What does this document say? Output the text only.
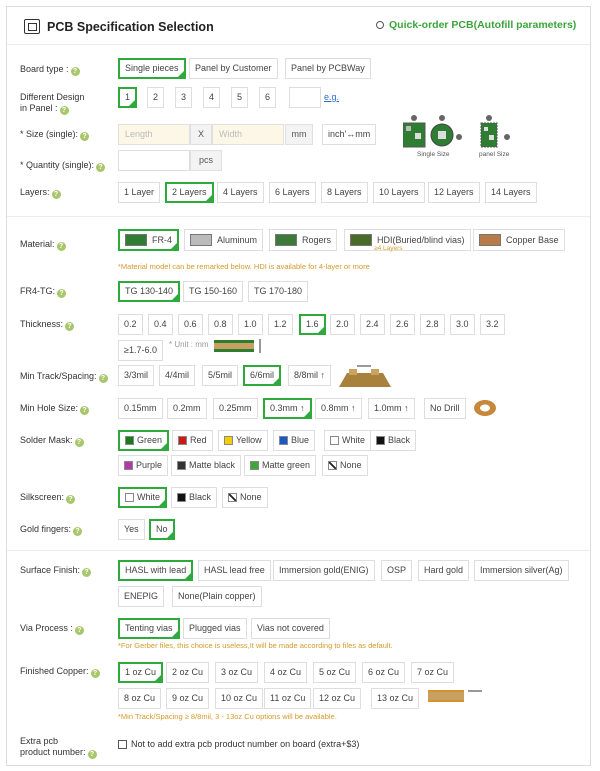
PCB Specification Selection	Quick-order PCB(Autofill parameters)
Board type : ?	✓ Single pieces Panel by Customer Panel by PCBWay
Different Design
in Panel : ?
✓ 1	2	3	4	5	6	e.g.
* Size (single): ?	Length	X	Width	mm	inch'↔mm
Single Size	panel Size
* Quantity (single): ?
pcs
Layers: ?	1 Layer ✓ 2 Layers 4 Layers 6 Layers 8 Layers 10 Layers 12 Layers 14 Layers
Material: ?
✓ FR-4	Aluminum	Rogers	HDI(Buried/blind vias)	Copper Base
≥4 Layers
*Material model can be remarked below. HDI is available for 4-layer or more
FR4-TG: ?	✓ TG 130-140 TG 150-160 TG 170-180
Thickness: ?	0.2 0.4 0.6 0.8 1.0 1.2 ✓ 1.6 2.0 2.4 2.6 2.8 3.0 3.2
≥1.7-6.0
* Unit : mm
Min Track/Spacing: ? 3/3mil 4/4mil 5/5mil ✓ 6/6mil 8/8mil ↑
Min Hole Size: ?	0.15mm 0.2mm 0.25mm ✓ 0.3mm ↑ 0.8mm ↑ 1.0mm ↑ No Drill
Solder Mask: ?	✓ Green	Red	Yellow	Blue	White	Black
Purple	Matte black	Matte green	None
Silkscreen: ?	✓ White	Black	None
Gold fingers: ?	Yes ✓ No
Surface Finish: ?	✓ HASL with lead HASL lead free Immersion gold(ENIG) OSP Hard gold Immersion silver(Ag)
ENEPIG None(Plain copper)
Via Process : ?	✓ Tenting vias Plugged vias Vias not covered
*For Gerber files, this choice is useless,It will be made according to files as default.
Finished Copper: ?	✓ 1 oz Cu 2 oz Cu 3 oz Cu 4 oz Cu 5 oz Cu 6 oz Cu 7 oz Cu
8 oz Cu 9 oz Cu 10 oz Cu 11 oz Cu 12 oz Cu 13 oz Cu
*Min Track/Spacing ≥ 8/8mil, 3 - 13oz Cu options will be available.
Extra pcb
product number: ?
Not to add extra pcb product number on board (extra+$3)
